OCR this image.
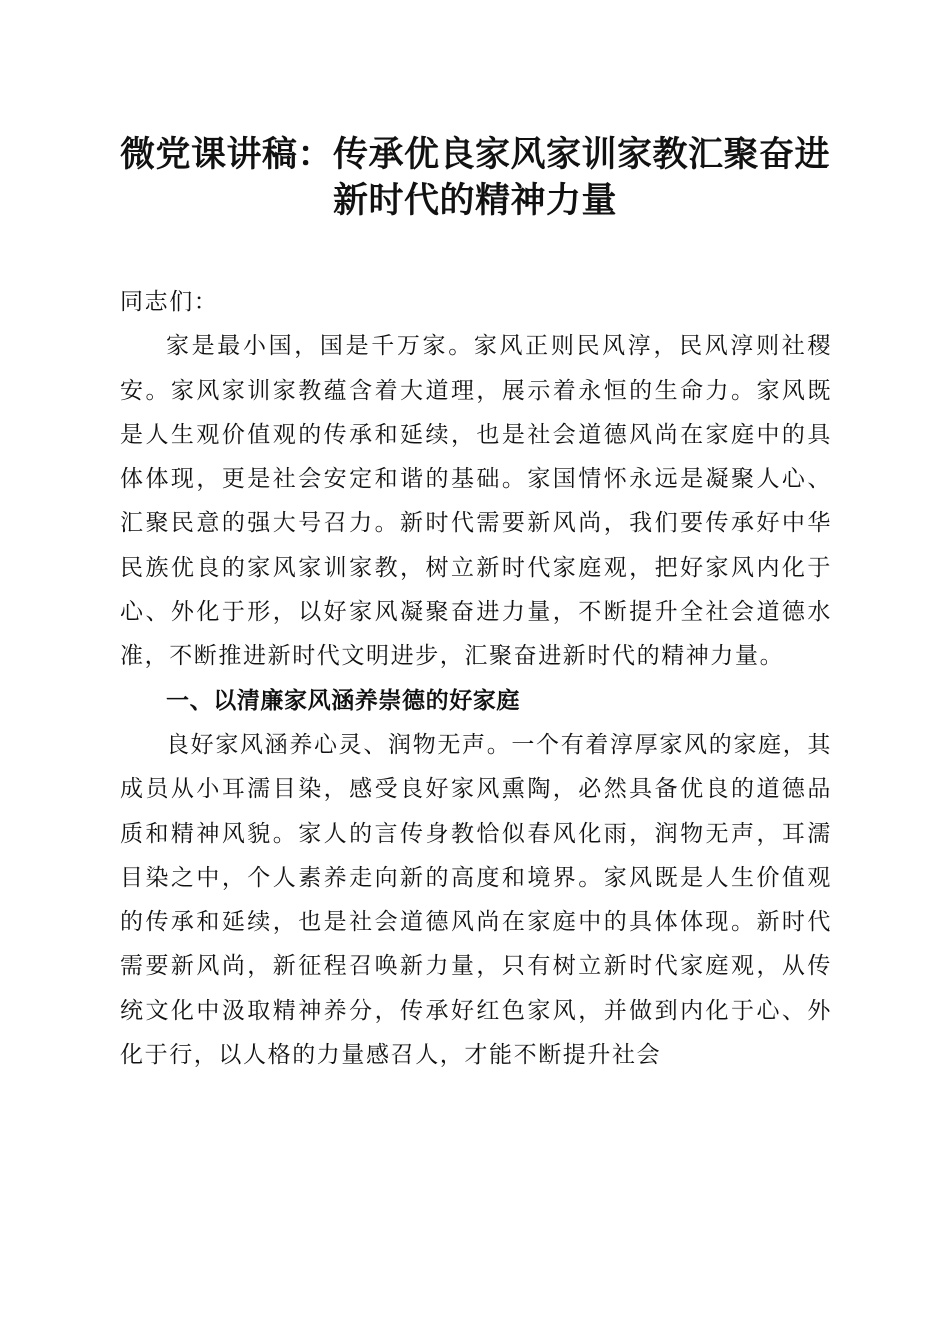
微党课讲稿：传承优良家风家训家教汇聚奋进
新时代的精神力量

同志们：

家是最小国，国是千万家。家风正则民风淳，民风淳则社稷安。家风家训家教蕴含着大道理，展示着永恒的生命力。家风既是人生观价值观的传承和延续，也是社会道德风尚在家庭中的具体体现，更是社会安定和谐的基础。家国情怀永远是凝聚人心、汇聚民意的强大号召力。新时代需要新风尚，我们要传承好中华民族优良的家风家训家教，树立新时代家庭观，把好家风内化于心、外化于形，以好家风凝聚奋进力量，不断提升全社会道德水准，不断推进新时代文明进步，汇聚奋进新时代的精神力量。

一、以清廉家风涵养崇德的好家庭

良好家风涵养心灵、润物无声。一个有着淳厚家风的家庭，其成员从小耳濡目染，感受良好家风熏陶，必然具备优良的道德品质和精神风貌。家人的言传身教恰似春风化雨，润物无声，耳濡目染之中，个人素养走向新的高度和境界。家风既是人生价值观的传承和延续，也是社会道德风尚在家庭中的具体体现。新时代需要新风尚，新征程召唤新力量，只有树立新时代家庭观，从传统文化中汲取精神养分，传承好红色家风，并做到内化于心、外化于行，以人格的力量感召人，才能不断提升社会
